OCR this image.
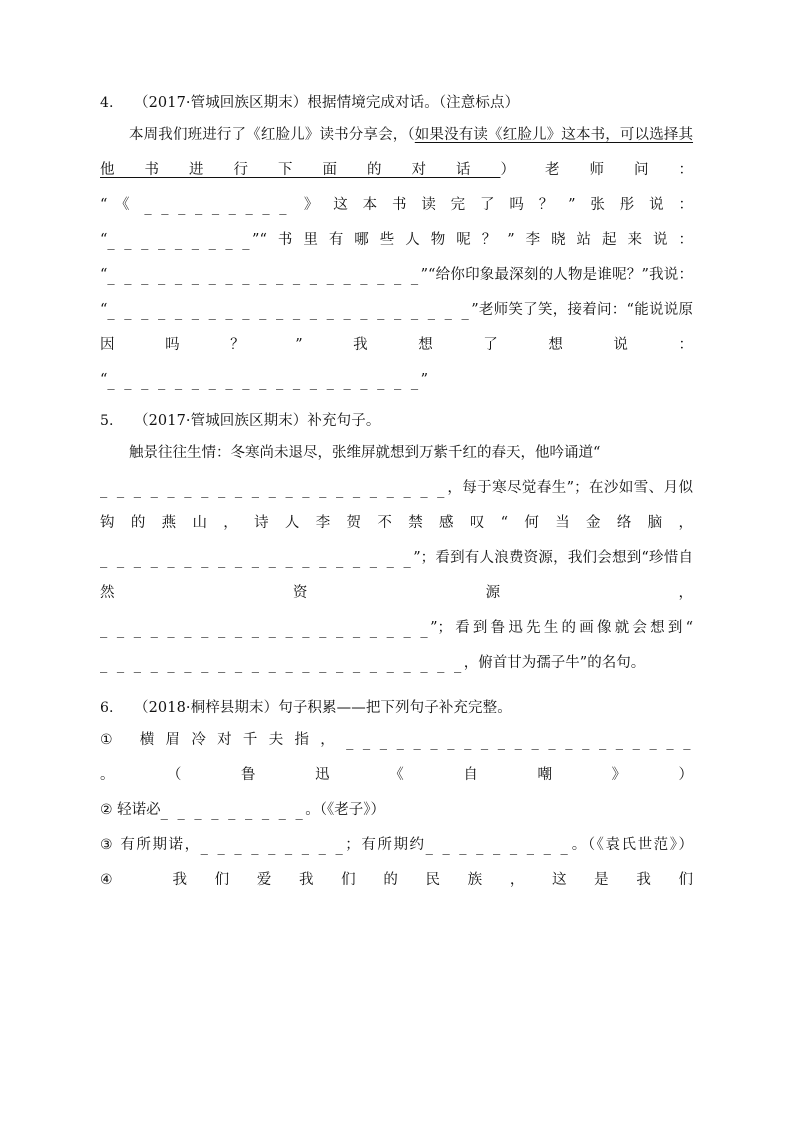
4.	（2017·管城回族区期末）根据情境完成对话。（注意标点）
本周我们班进行了《红脸儿》读书分享会，（如果没有读《红脸儿》这本书，可以选择其他书进行下面的对话）老师问：
“《_ _ _ _ _ _ _ _ _》这本书读完了吗？”张彤说：
“_ _ _ _ _ _ _ _ _”“书里有哪些人物呢？”李晓站起来说：
“_ _ _ _ _ _ _ _ _ _ _ _ _ _ _ _ _ _ _”“给你印象最深刻的人物是谁呢？”我说：
“_ _ _ _ _ _ _ _ _ _ _ _ _ _ _ _ _ _ _ _ _ _”老师笑了笑，接着问：“能说说原因吗？”我想了想说：
“_ _ _ _ _ _ _ _ _ _ _ _ _ _ _ _ _ _ _”
5.	（2017·管城回族区期末）补充句子。
触景往往生情：冬寒尚未退尽，张维屏就想到万紫千红的春天，他吟诵道“
_ _ _ _ _ _ _ _ _ _ _ _ _ _ _ _ _ _ _ _ _，每于寒尽觉春生”；在沙如雪、月似钩的燕山，诗人李贺不禁感叹“何当金络脑，
_ _ _ _ _ _ _ _ _ _ _ _ _ _ _ _ _ _ _”；看到有人浪费资源，我们会想到“珍惜自然资源，
_ _ _ _ _ _ _ _ _ _ _ _ _ _ _ _ _ _ _ _”；看到鲁迅先生的画像就会想到“
_ _ _ _ _ _ _ _ _ _ _ _ _ _ _ _ _ _ _ _ _ _，俯首甘为孺子牛”的名句。
6.	（2018·桐梓县期末）句子积累——把下列句子补充完整。
① 横眉冷对千夫指，_ _ _ _ _ _ _ _ _ _ _ _ _ _ _ _ _ _ _ _ _。（鲁迅《自嘲》）
② 轻诺必_ _ _ _ _ _ _ _ _。（《老子》）
③ 有所期诺，_ _ _ _ _ _ _ _ _；有所期约_ _ _ _ _ _ _ _ _。（《袁氏世范》）
④ 我们爱我们的民族，这是我们
